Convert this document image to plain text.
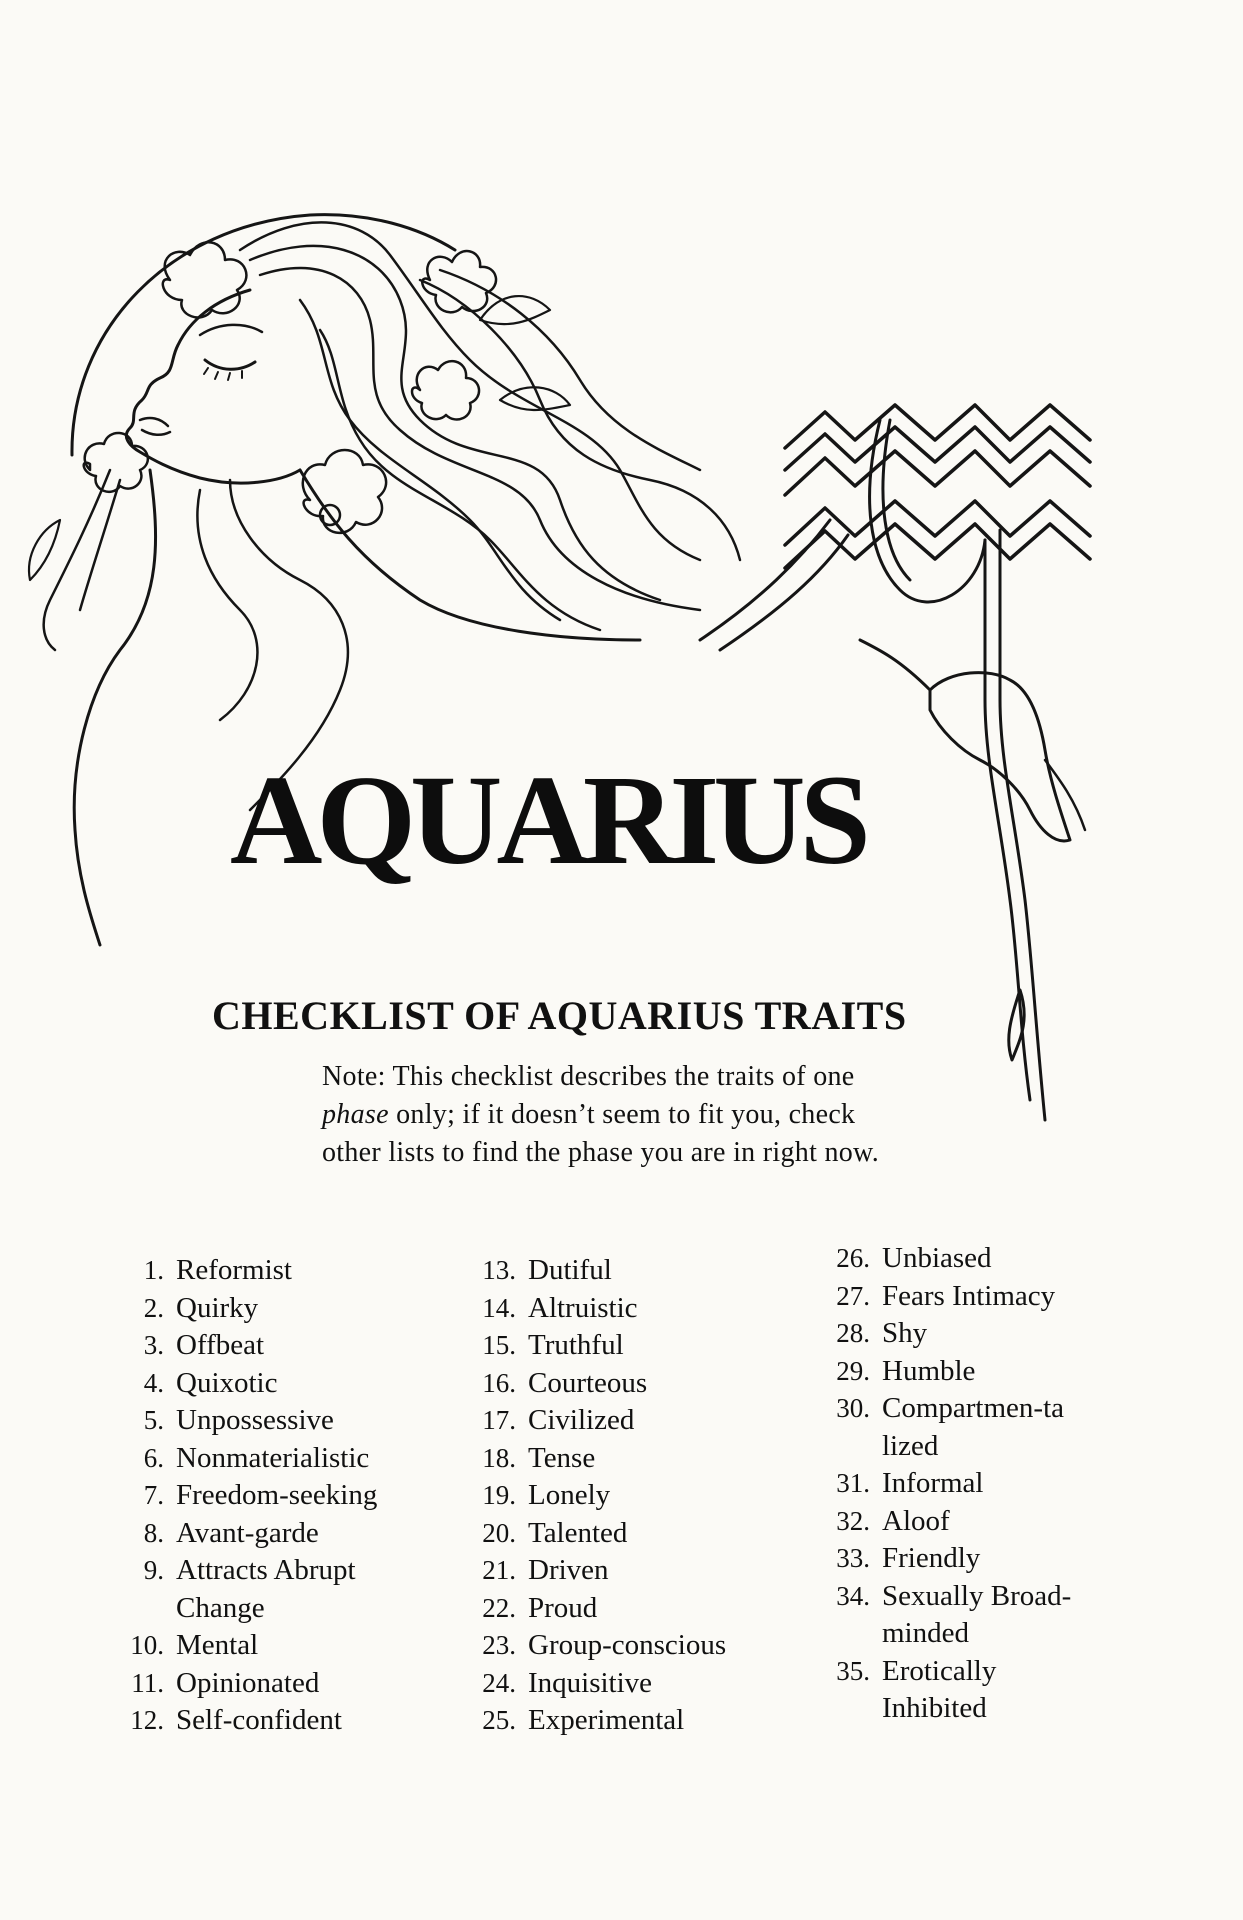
AQUARIUS
CHECKLIST OF AQUARIUS TRAITS
Note: This checklist describes the traits of one phase only; if it doesn’t seem to fit you, check other lists to find the phase you are in right now.
1. Reformist
2. Quirky
3. Offbeat
4. Quixotic
5. Unpossessive
6. Nonmaterialistic
7. Freedom-seeking
8. Avant-garde
9. Attracts Abrupt Change
10. Mental
11. Opinionated
12. Self-confident
13. Dutiful
14. Altruistic
15. Truthful
16. Courteous
17. Civilized
18. Tense
19. Lonely
20. Talented
21. Driven
22. Proud
23. Group-conscious
24. Inquisitive
25. Experimental
26. Unbiased
27. Fears Intimacy
28. Shy
29. Humble
30. Compartmen-talized
31. Informal
32. Aloof
33. Friendly
34. Sexually Broad-minded
35. Erotically Inhibited
